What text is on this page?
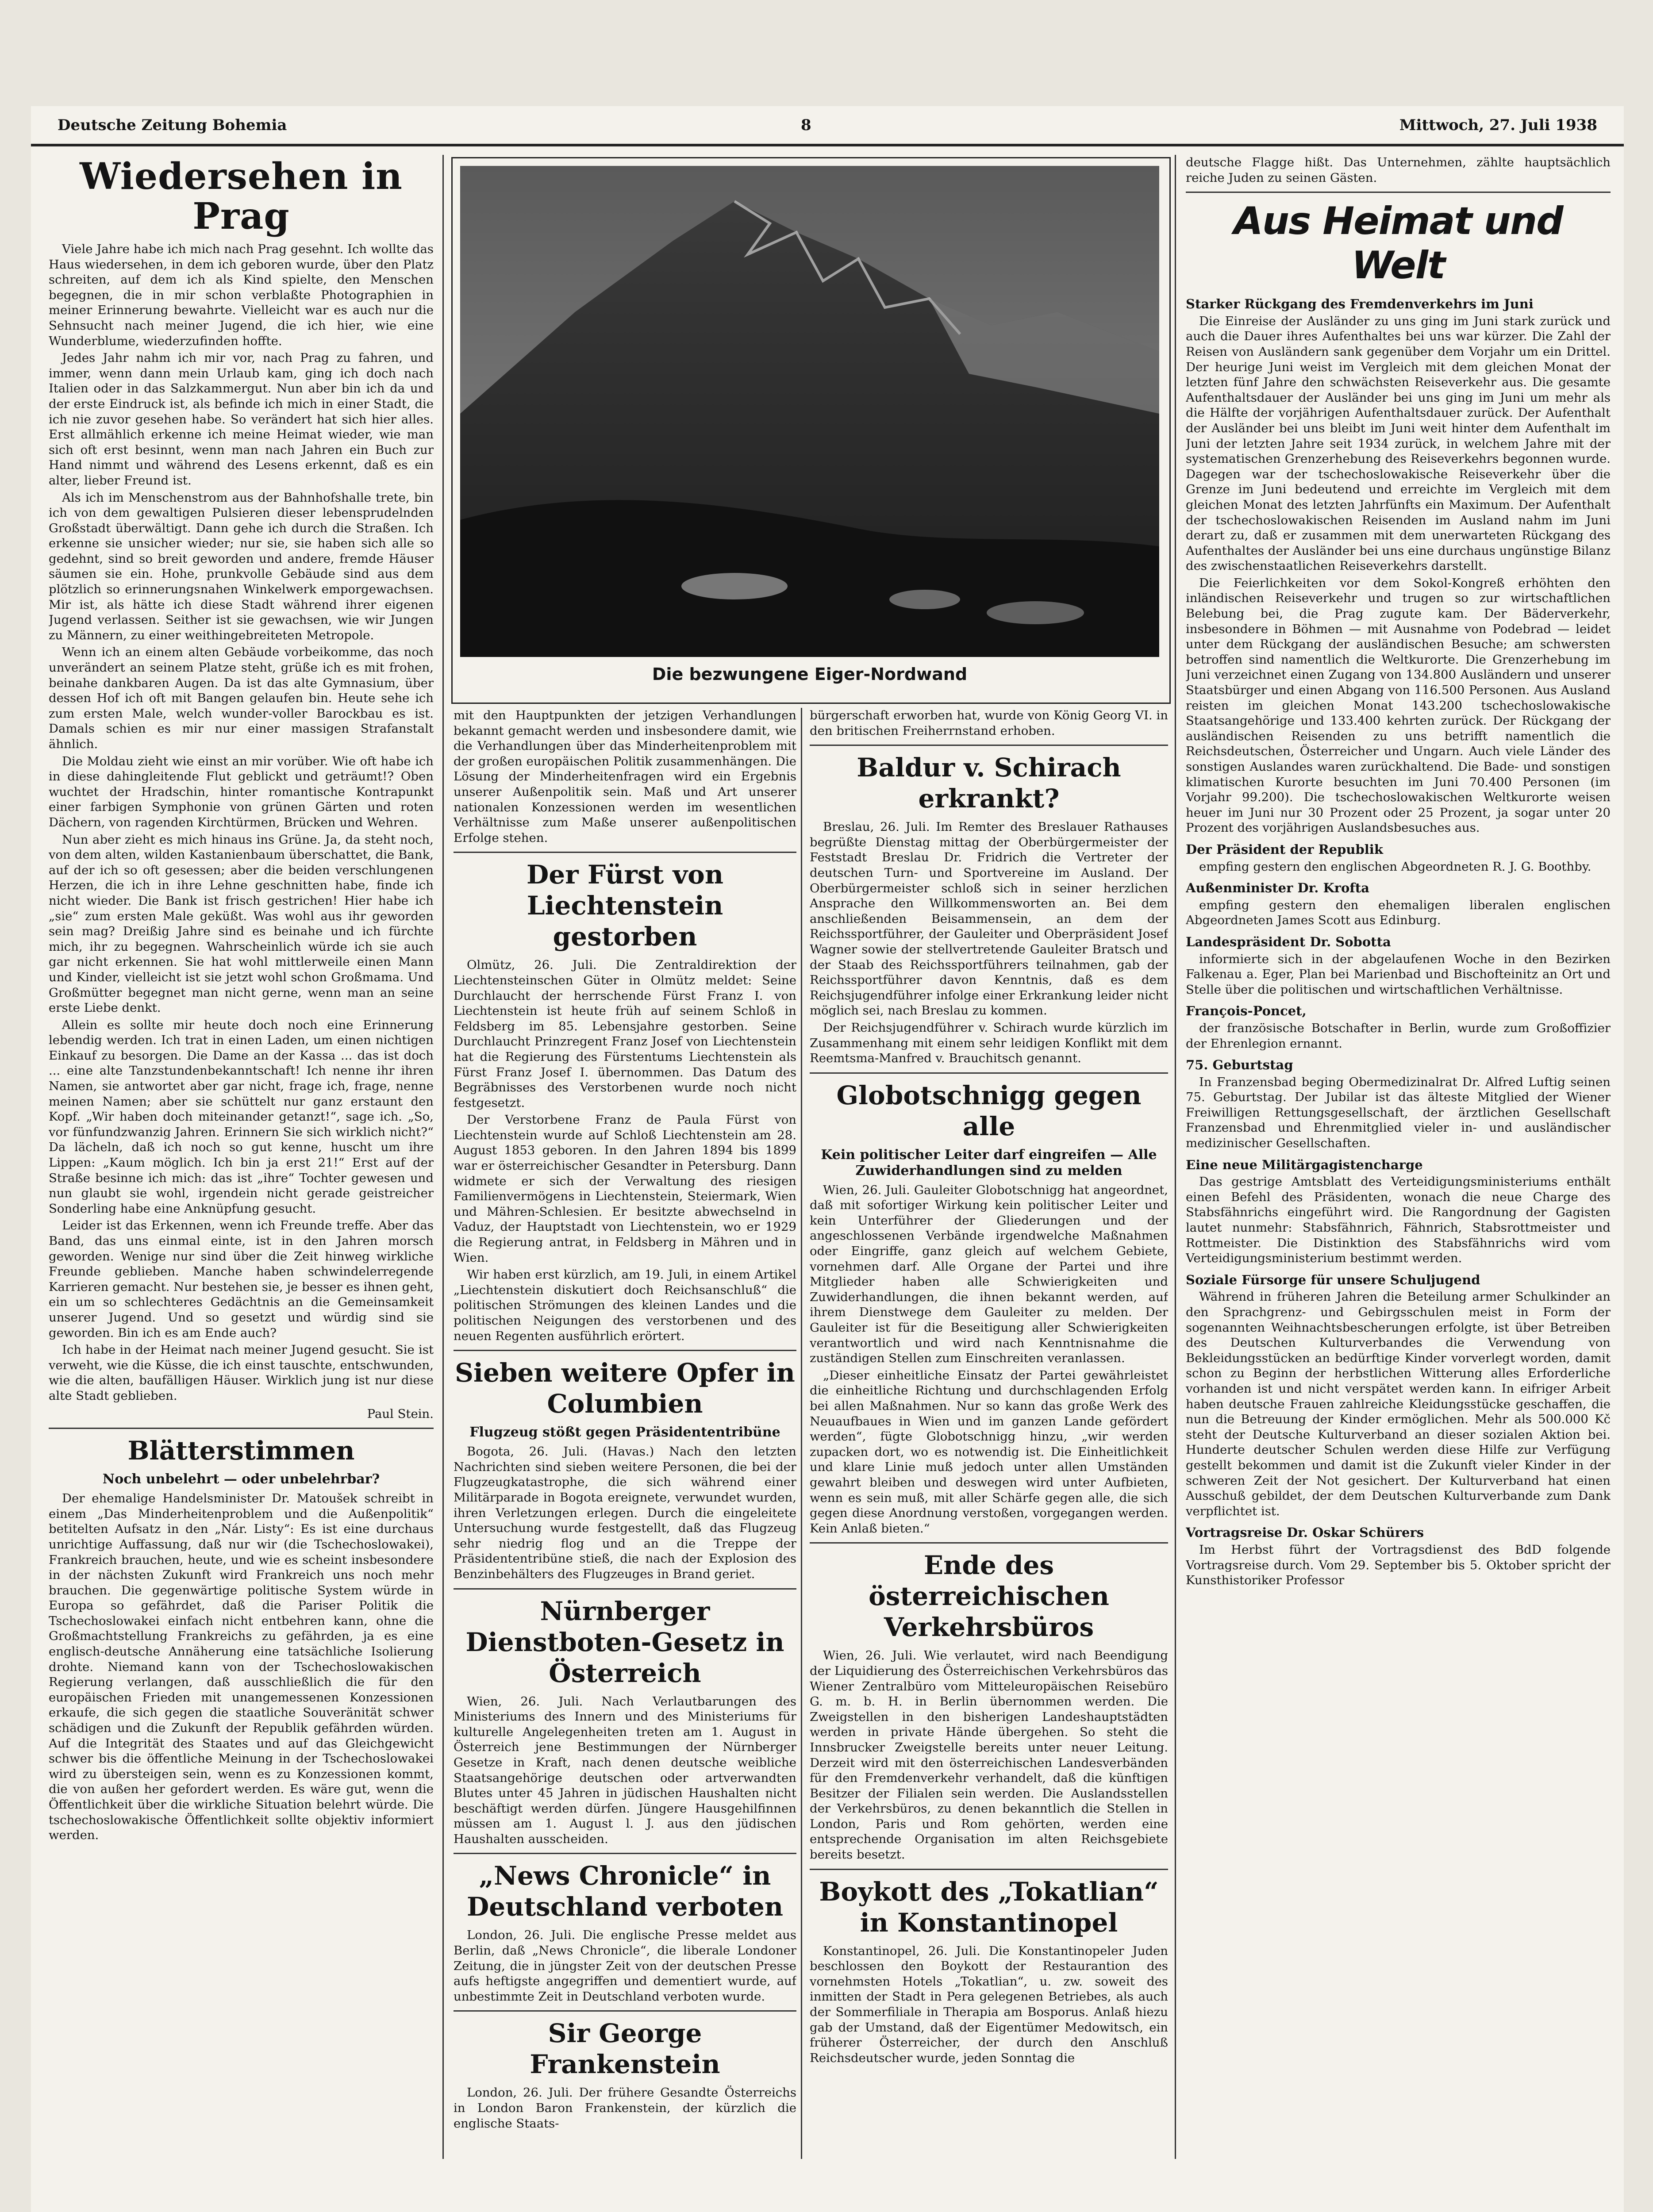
Deutsche Zeitung Bohemia	8	Mittwoch, 27. Juli 1938
Wiedersehen in Prag

Viele Jahre habe ich mich nach Prag gesehnt. Ich wollte das Haus wiedersehen, in dem ich geboren wurde, über den Platz schreiten, auf dem ich als Kind spielte, den Menschen begegnen, die in mir schon verblaßte Photographien in meiner Erinnerung bewahrte. Vielleicht war es auch nur die Sehnsucht nach meiner Jugend, die ich hier, wie eine Wunderblume, wiederzufinden hoffte.

Jedes Jahr nahm ich mir vor, nach Prag zu fahren, und immer, wenn dann mein Urlaub kam, ging ich doch nach Italien oder in das Salzkammergut. Nun aber bin ich da und der erste Eindruck ist, als befinde ich mich in einer Stadt, die ich nie zuvor gesehen habe. So verändert hat sich hier alles. Erst allmählich erkenne ich meine Heimat wieder, wie man sich oft erst besinnt, wenn man nach Jahren ein Buch zur Hand nimmt und während des Lesens erkennt, daß es ein alter, lieber Freund ist.

Als ich im Menschenstrom aus der Bahnhofshalle trete, bin ich von dem gewaltigen Pulsieren dieser lebensprudelnden Großstadt überwältigt. Dann gehe ich durch die Straßen. Ich erkenne sie unsicher wieder; nur sie, sie haben sich alle so gedehnt, sind so breit geworden und andere, fremde Häuser säumen sie ein. Hohe, prunkvolle Gebäude sind aus dem plötzlich so erinnerungsnahen Winkelwerk emporgewachsen. Mir ist, als hätte ich diese Stadt während ihrer eigenen Jugend verlassen. Seither ist sie gewachsen, wie wir Jungen zu Männern, zu einer weithingebreiteten Metropole.

Wenn ich an einem alten Gebäude vorbeikomme, das noch unverändert an seinem Platze steht, grüße ich es mit frohen, beinahe dankbaren Augen. Da ist das alte Gymnasium, über dessen Hof ich oft mit Bangen gelaufen bin. Heute sehe ich zum ersten Male, welch wunder-voller Barockbau es ist. Damals schien es mir nur einer massigen Strafanstalt ähnlich.

Die Moldau zieht wie einst an mir vorüber. Wie oft habe ich in diese dahingleitende Flut geblickt und geträumt!? Oben wuchtet der Hradschin, hinter romantische Kontrapunkt einer farbigen Symphonie von grünen Gärten und roten Dächern, von ragenden Kirchtürmen, Brücken und Wehren.

Nun aber zieht es mich hinaus ins Grüne. Ja, da steht noch, von dem alten, wilden Kastanienbaum überschattet, die Bank, auf der ich so oft gesessen; aber die beiden verschlungenen Herzen, die ich in ihre Lehne geschnitten habe, finde ich nicht wieder. Die Bank ist frisch gestrichen! Hier habe ich „sie“ zum ersten Male geküßt. Was wohl aus ihr geworden sein mag? Dreißig Jahre sind es beinahe und ich fürchte mich, ihr zu begegnen. Wahrscheinlich würde ich sie auch gar nicht erkennen. Sie hat wohl mittlerweile einen Mann und Kinder, vielleicht ist sie jetzt wohl schon Großmama. Und Großmütter begegnet man nicht gerne, wenn man an seine erste Liebe denkt.

Allein es sollte mir heute doch noch eine Erinnerung lebendig werden. Ich trat in einen Laden, um einen nichtigen Einkauf zu besorgen. Die Dame an der Kassa ... das ist doch ... eine alte Tanzstundenbekanntschaft! Ich nenne ihr ihren Namen, sie antwortet aber gar nicht, frage ich, frage, nenne meinen Namen; aber sie schüttelt nur ganz erstaunt den Kopf. „Wir haben doch miteinander getanzt!“, sage ich. „So, vor fünfundzwanzig Jahren. Erinnern Sie sich wirklich nicht?“ Da lächeln, daß ich noch so gut kenne, huscht um ihre Lippen: „Kaum möglich. Ich bin ja erst 21!“ Erst auf der Straße besinne ich mich: das ist „ihre“ Tochter gewesen und nun glaubt sie wohl, irgendein nicht gerade geistreicher Sonderling habe eine Anknüpfung gesucht.

Leider ist das Erkennen, wenn ich Freunde treffe. Aber das Band, das uns einmal einte, ist in den Jahren morsch geworden. Wenige nur sind über die Zeit hinweg wirkliche Freunde geblieben. Manche haben schwindelerregende Karrieren gemacht. Nur bestehen sie, je besser es ihnen geht, ein um so schlechteres Gedächtnis an die Gemeinsamkeit unserer Jugend. Und so gesetzt und würdig sind sie geworden. Bin ich es am Ende auch?

Ich habe in der Heimat nach meiner Jugend gesucht. Sie ist verweht, wie die Küsse, die ich einst tauschte, entschwunden, wie die alten, baufälligen Häuser. Wirklich jung ist nur diese alte Stadt geblieben.

Paul Stein.
Blätterstimmen
Noch unbelehrt — oder unbelehrbar?

Der ehemalige Handelsminister Dr. Matoušek schreibt in einem „Das Minderheitenproblem und die Außenpolitik“ betitelten Aufsatz in den „Nár. Listy“: Es ist eine durchaus unrichtige Auffassung, daß nur wir (die Tschechoslowakei), Frankreich brauchen, heute, und wie es scheint insbesondere in der nächsten Zukunft wird Frankreich uns noch mehr brauchen. Die gegenwärtige politische System würde in Europa so gefährdet, daß die Pariser Politik die Tschechoslowakei einfach nicht entbehren kann, ohne die Großmachtstellung Frankreichs zu gefährden, ja es eine englisch-deutsche Annäherung eine tatsächliche Isolierung drohte. Niemand kann von der Tschechoslowakischen Regierung verlangen, daß ausschließlich die für den europäischen Frieden mit unangemessenen Konzessionen erkaufe, die sich gegen die staatliche Souveränität schwer schädigen und die Zukunft der Republik gefährden würden. Auf die Integrität des Staates und auf das Gleichgewicht schwer bis die öffentliche Meinung in der Tschechoslowakei wird zu übersteigen sein, wenn es zu Konzessionen kommt, die von außen her gefordert werden. Es wäre gut, wenn die Öffentlichkeit über die wirkliche Situation belehrt würde. Die tschechoslowakische Öffentlichkeit sollte objektiv informiert werden.

Die bezwungene Eiger-Nordwand

mit den Hauptpunkten der jetzigen Verhandlungen bekannt gemacht werden und insbesondere damit, wie die Verhandlungen über das Minderheitenproblem mit der großen europäischen Politik zusammenhängen. Die Lösung der Minderheitenfragen wird ein Ergebnis unserer Außenpolitik sein. Maß und Art unserer nationalen Konzessionen werden im wesentlichen Verhältnisse zum Maße unserer außenpolitischen Erfolge stehen.

Der Fürst von Liechtenstein gestorben

Olmütz, 26. Juli. Die Zentraldirektion der Liechtensteinschen Güter in Olmütz meldet: Seine Durchlaucht der herrschende Fürst Franz I. von Liechtenstein ist heute früh auf seinem Schloß in Feldsberg im 85. Lebensjahre gestorben. Seine Durchlaucht Prinzregent Franz Josef von Liechtenstein hat die Regierung des Fürstentums Liechtenstein als Fürst Franz Josef I. übernommen. Das Datum des Begräbnisses des Verstorbenen wurde noch nicht festgesetzt.

Der Verstorbene Franz de Paula Fürst von Liechtenstein wurde auf Schloß Liechtenstein am 28. August 1853 geboren. In den Jahren 1894 bis 1899 war er österreichischer Gesandter in Petersburg. Dann widmete er sich der Verwaltung des riesigen Familienvermögens in Liechtenstein, Steiermark, Wien und Mähren-Schlesien. Er besitzte abwechselnd in Vaduz, der Hauptstadt von Liechtenstein, wo er 1929 die Regierung antrat, in Feldsberg in Mähren und in Wien.

Wir haben erst kürzlich, am 19. Juli, in einem Artikel „Liechtenstein diskutiert doch Reichsanschluß“ die politischen Strömungen des kleinen Landes und die politischen Neigungen des verstorbenen und des neuen Regenten ausführlich erörtert.

Sieben weitere Opfer in Columbien
Flugzeug stößt gegen Präsidententribüne

Bogota, 26. Juli. (Havas.) Nach den letzten Nachrichten sind sieben weitere Personen, die bei der Flugzeugkatastrophe, die sich während einer Militärparade in Bogota ereignete, verwundet wurden, ihren Verletzungen erlegen. Durch die eingeleitete Untersuchung wurde festgestellt, daß das Flugzeug sehr niedrig flog und an die Treppe der Präsidententribüne stieß, die nach der Explosion des Benzinbehälters des Flugzeuges in Brand geriet.

Nürnberger Dienstboten-Gesetz in Österreich

Wien, 26. Juli. Nach Verlautbarungen des Ministeriums des Innern und des Ministeriums für kulturelle Angelegenheiten treten am 1. August in Österreich jene Bestimmungen der Nürnberger Gesetze in Kraft, nach denen deutsche weibliche Staatsangehörige deutschen oder artverwandten Blutes unter 45 Jahren in jüdischen Haushalten nicht beschäftigt werden dürfen. Jüngere Hausgehilfinnen müssen am 1. August l. J. aus den jüdischen Haushalten ausscheiden.

„News Chronicle“ in Deutschland verboten

London, 26. Juli. Die englische Presse meldet aus Berlin, daß „News Chronicle“, die liberale Londoner Zeitung, die in jüngster Zeit von der deutschen Presse aufs heftigste angegriffen und dementiert wurde, auf unbestimmte Zeit in Deutschland verboten wurde.

Sir George Frankenstein

London, 26. Juli. Der frühere Gesandte Österreichs in London Baron Frankenstein, der kürzlich die englische Staats-

bürgerschaft erworben hat, wurde von König Georg VI. in den britischen Freiherrnstand erhoben.

Baldur v. Schirach erkrankt?

Breslau, 26. Juli. Im Remter des Breslauer Rathauses begrüßte Dienstag mittag der Oberbürgermeister der Feststadt Breslau Dr. Fridrich die Vertreter der deutschen Turn- und Sportvereine im Ausland. Der Oberbürgermeister schloß sich in seiner herzlichen Ansprache den Willkommensworten an. Bei dem anschließenden Beisammensein, an dem der Reichssportführer, der Gauleiter und Oberpräsident Josef Wagner sowie der stellvertretende Gauleiter Bratsch und der Staab des Reichssportführers teilnahmen, gab der Reichssportführer davon Kenntnis, daß es dem Reichsjugendführer infolge einer Erkrankung leider nicht möglich sei, nach Breslau zu kommen.

Der Reichsjugendführer v. Schirach wurde kürzlich im Zusammenhang mit einem sehr leidigen Konflikt mit dem Reemtsma-Manfred v. Brauchitsch genannt.

Globotschnigg gegen alle
Kein politischer Leiter darf eingreifen — Alle Zuwiderhandlungen sind zu melden

Wien, 26. Juli. Gauleiter Globotschnigg hat angeordnet, daß mit sofortiger Wirkung kein politischer Leiter und kein Unterführer der Gliederungen und der angeschlossenen Verbände irgendwelche Maßnahmen oder Eingriffe, ganz gleich auf welchem Gebiete, vornehmen darf. Alle Organe der Partei und ihre Mitglieder haben alle Schwierigkeiten und Zuwiderhandlungen, die ihnen bekannt werden, auf ihrem Dienstwege dem Gauleiter zu melden. Der Gauleiter ist für die Beseitigung aller Schwierigkeiten verantwortlich und wird nach Kenntnisnahme die zuständigen Stellen zum Einschreiten veranlassen.

„Dieser einheitliche Einsatz der Partei gewährleistet die einheitliche Richtung und durchschlagenden Erfolg bei allen Maßnahmen. Nur so kann das große Werk des Neuaufbaues in Wien und im ganzen Lande gefördert werden“, fügte Globotschnigg hinzu, „wir werden zupacken dort, wo es notwendig ist. Die Einheitlichkeit und klare Linie muß jedoch unter allen Umständen gewahrt bleiben und deswegen wird unter Aufbieten, wenn es sein muß, mit aller Schärfe gegen alle, die sich gegen diese Anordnung verstoßen, vorgegangen werden. Kein Anlaß bieten.“

Ende des österreichischen Verkehrsbüros

Wien, 26. Juli. Wie verlautet, wird nach Beendigung der Liquidierung des Österreichischen Verkehrsbüros das Wiener Zentralbüro vom Mitteleuropäischen Reisebüro G. m. b. H. in Berlin übernommen werden. Die Zweigstellen in den bisherigen Landeshauptstädten werden in private Hände übergehen. So steht die Innsbrucker Zweigstelle bereits unter neuer Leitung. Derzeit wird mit den österreichischen Landesverbänden für den Fremdenverkehr verhandelt, daß die künftigen Besitzer der Filialen sein werden. Die Auslandsstellen der Verkehrsbüros, zu denen bekanntlich die Stellen in London, Paris und Rom gehörten, werden eine entsprechende Organisation im alten Reichsgebiete bereits besetzt.

Boykott des „Tokatlian“ in Konstantinopel

Konstantinopel, 26. Juli. Die Konstantinopeler Juden beschlossen den Boykott der Restaurantion des vornehmsten Hotels „Tokatlian“, u. zw. soweit des inmitten der Stadt in Pera gelegenen Betriebes, als auch der Sommerfiliale in Therapia am Bosporus. Anlaß hiezu gab der Umstand, daß der Eigentümer Medowitsch, ein früherer Österreicher, der durch den Anschluß Reichsdeutscher wurde, jeden Sonntag die

deutsche Flagge hißt. Das Unternehmen, zählte hauptsächlich reiche Juden zu seinen Gästen.

Aus Heimat und Welt
Starker Rückgang des Fremdenverkehrs im Juni

Die Einreise der Ausländer zu uns ging im Juni stark zurück und auch die Dauer ihres Aufenthaltes bei uns war kürzer. Die Zahl der Reisen von Ausländern sank gegenüber dem Vorjahr um ein Drittel. Der heurige Juni weist im Vergleich mit dem gleichen Monat der letzten fünf Jahre den schwächsten Reiseverkehr aus. Die gesamte Aufenthaltsdauer der Ausländer bei uns ging im Juni um mehr als die Hälfte der vorjährigen Aufenthaltsdauer zurück. Der Aufenthalt der Ausländer bei uns bleibt im Juni weit hinter dem Aufenthalt im Juni der letzten Jahre seit 1934 zurück, in welchem Jahre mit der systematischen Grenzerhebung des Reiseverkehrs begonnen wurde. Dagegen war der tschechoslowakische Reiseverkehr über die Grenze im Juni bedeutend und erreichte im Vergleich mit dem gleichen Monat des letzten Jahrfünfts ein Maximum. Der Aufenthalt der tschechoslowakischen Reisenden im Ausland nahm im Juni derart zu, daß er zusammen mit dem unerwarteten Rückgang des Aufenthaltes der Ausländer bei uns eine durchaus ungünstige Bilanz des zwischenstaatlichen Reiseverkehrs darstellt.

Die Feierlichkeiten vor dem Sokol-Kongreß erhöhten den inländischen Reiseverkehr und trugen so zur wirtschaftlichen Belebung bei, die Prag zugute kam. Der Bäderverkehr, insbesondere in Böhmen — mit Ausnahme von Podebrad — leidet unter dem Rückgang der ausländischen Besuche; am schwersten betroffen sind namentlich die Weltkurorte. Die Grenzerhebung im Juni verzeichnet einen Zugang von 134.800 Ausländern und unserer Staatsbürger und einen Abgang von 116.500 Personen. Aus Ausland reisten im gleichen Monat 143.200 tschechoslowakische Staatsangehörige und 133.400 kehrten zurück. Der Rückgang der ausländischen Reisenden zu uns betrifft namentlich die Reichsdeutschen, Österreicher und Ungarn. Auch viele Länder des sonstigen Auslandes waren zurückhaltend. Die Bade- und sonstigen klimatischen Kurorte besuchten im Juni 70.400 Personen (im Vorjahr 99.200). Die tschechoslowakischen Weltkurorte weisen heuer im Juni nur 30 Prozent oder 25 Prozent, ja sogar unter 20 Prozent des vorjährigen Auslandsbesuches aus.

Der Präsident der Republik

empfing gestern den englischen Abgeordneten R. J. G. Boothby.

Außenminister Dr. Krofta

empfing gestern den ehemaligen liberalen englischen Abgeordneten James Scott aus Edinburg.

Landespräsident Dr. Sobotta

informierte sich in der abgelaufenen Woche in den Bezirken Falkenau a. Eger, Plan bei Marienbad und Bischofteinitz an Ort und Stelle über die politischen und wirtschaftlichen Verhältnisse.

François-Poncet,

der französische Botschafter in Berlin, wurde zum Großoffizier der Ehrenlegion ernannt.

75. Geburtstag

In Franzensbad beging Obermedizinalrat Dr. Alfred Luftig seinen 75. Geburtstag. Der Jubilar ist das älteste Mitglied der Wiener Freiwilligen Rettungsgesellschaft, der ärztlichen Gesellschaft Franzensbad und Ehrenmitglied vieler in- und ausländischer medizinischer Gesellschaften.

Eine neue Militärgagistencharge

Das gestrige Amtsblatt des Verteidigungsministeriums enthält einen Befehl des Präsidenten, wonach die neue Charge des Stabsfähnrichs eingeführt wird. Die Rangordnung der Gagisten lautet nunmehr: Stabsfähnrich, Fähnrich, Stabsrottmeister und Rottmeister. Die Distinktion des Stabsfähnrichs wird vom Verteidigungsministerium bestimmt werden.

Soziale Fürsorge für unsere Schuljugend

Während in früheren Jahren die Beteilung armer Schulkinder an den Sprachgrenz- und Gebirgsschulen meist in Form der sogenannten Weihnachtsbescherungen erfolgte, ist über Betreiben des Deutschen Kulturverbandes die Verwendung von Bekleidungsstücken an bedürftige Kinder vorverlegt worden, damit schon zu Beginn der herbstlichen Witterung alles Erforderliche vorhanden ist und nicht verspätet werden kann. In eifriger Arbeit haben deutsche Frauen zahlreiche Kleidungsstücke geschaffen, die nun die Betreuung der Kinder ermöglichen. Mehr als 500.000 Kč steht der Deutsche Kulturverband an dieser sozialen Aktion bei. Hunderte deutscher Schulen werden diese Hilfe zur Verfügung gestellt bekommen und damit ist die Zukunft vieler Kinder in der schweren Zeit der Not gesichert. Der Kulturverband hat einen Ausschuß gebildet, der dem Deutschen Kulturverbande zum Dank verpflichtet ist.

Vortragsreise Dr. Oskar Schürers

Im Herbst führt der Vortragsdienst des BdD folgende Vortragsreise durch. Vom 29. September bis 5. Oktober spricht der Kunsthistoriker Professor
